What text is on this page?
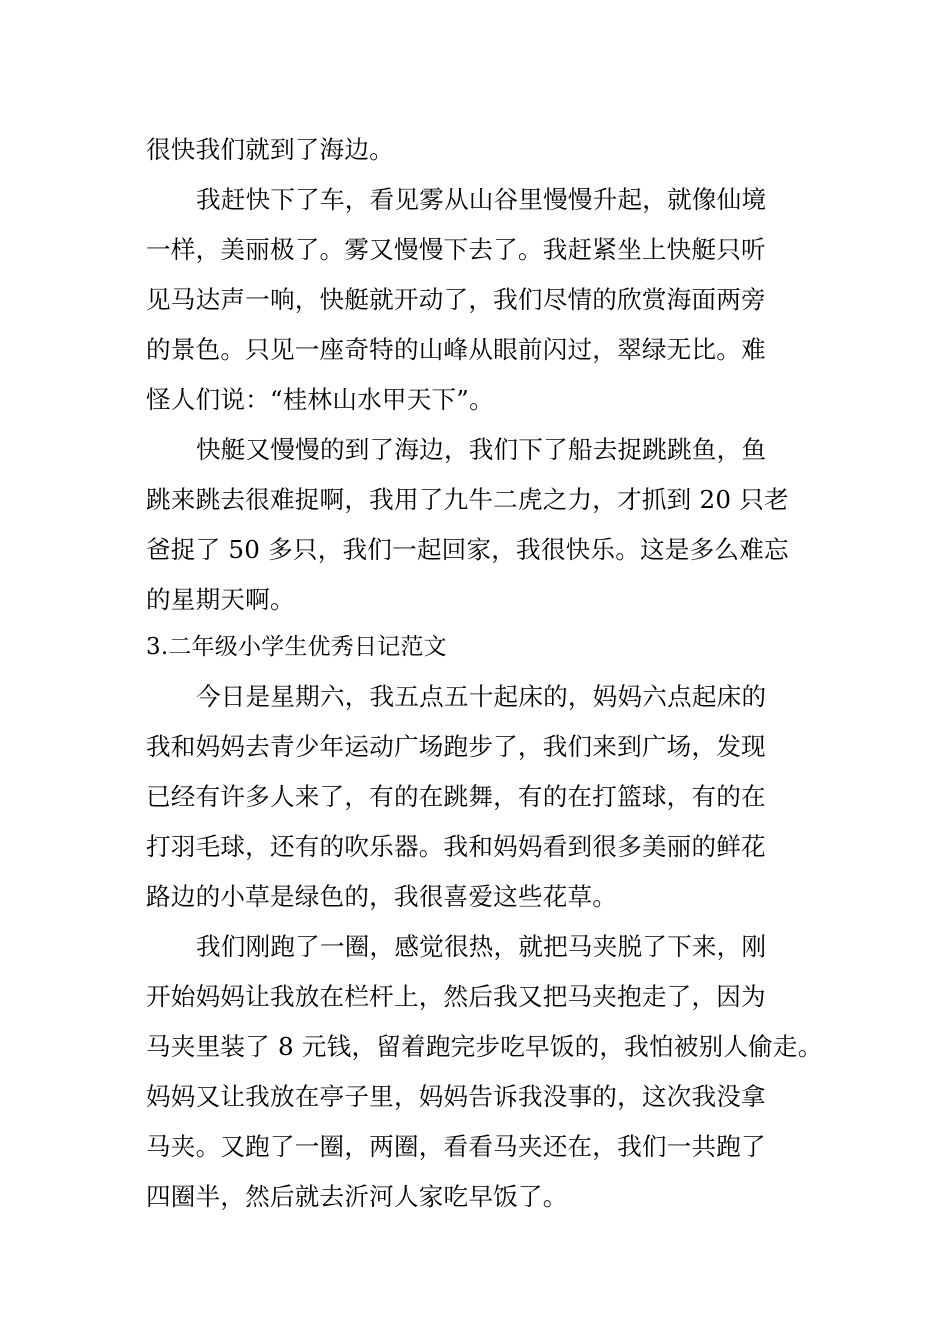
很快我们就到了海边。
我赶快下了车，看见雾从山谷里慢慢升起，就像仙境
一样，美丽极了。雾又慢慢下去了。我赶紧坐上快艇只听
见马达声一响，快艇就开动了，我们尽情的欣赏海面两旁
的景色。只见一座奇特的山峰从眼前闪过，翠绿无比。难
怪人们说：“桂林山水甲天下”。
快艇又慢慢的到了海边，我们下了船去捉跳跳鱼，鱼
跳来跳去很难捉啊，我用了九牛二虎之力，才抓到 20 只老
爸捉了 50 多只，我们一起回家，我很快乐。这是多么难忘
的星期天啊。
3.二年级小学生优秀日记范文
今日是星期六，我五点五十起床的，妈妈六点起床的
我和妈妈去青少年运动广场跑步了，我们来到广场，发现
已经有许多人来了，有的在跳舞，有的在打篮球，有的在
打羽毛球，还有的吹乐器。我和妈妈看到很多美丽的鲜花
路边的小草是绿色的，我很喜爱这些花草。
我们刚跑了一圈，感觉很热，就把马夹脱了下来，刚
开始妈妈让我放在栏杆上，然后我又把马夹抱走了，因为
马夹里装了 8 元钱，留着跑完步吃早饭的，我怕被别人偷走。
妈妈又让我放在亭子里，妈妈告诉我没事的，这次我没拿
马夹。又跑了一圈，两圈，看看马夹还在，我们一共跑了
四圈半，然后就去沂河人家吃早饭了。
